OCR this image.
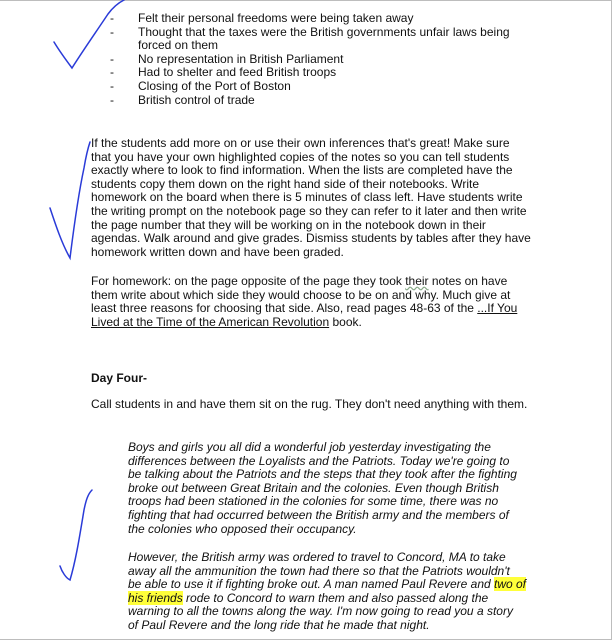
-	Felt their personal freedoms were being taken away
-	Thought that the taxes were the British governments unfair laws being forced on them
-	No representation in British Parliament
-	Had to shelter and feed British troops
-	Closing of the Port of Boston
-	British control of trade

If the students add more on or use their own inferences that's great! Make sure that you have your own highlighted copies of the notes so you can tell students exactly where to look to find information. When the lists are completed have the students copy them down on the right hand side of their notebooks. Write homework on the board when there is 5 minutes of class left. Have students write the writing prompt on the notebook page so they can refer to it later and then write the page number that they will be working on in the notebook down in their agendas. Walk around and give grades. Dismiss students by tables after they have homework written down and have been graded.

For homework: on the page opposite of the page they took their notes on have them write about which side they would choose to be on and why. Much give at least three reasons for choosing that side. Also, read pages 48-63 of the ...If You Lived at the Time of the American Revolution book.

Day Four-

Call students in and have them sit on the rug. They don't need anything with them.

Boys and girls you all did a wonderful job yesterday investigating the differences between the Loyalists and the Patriots. Today we're going to be talking about the Patriots and the steps that they took after the fighting broke out between Great Britain and the colonies. Even though British troops had been stationed in the colonies for some time, there was no fighting that had occurred between the British army and the members of the colonies who opposed their occupancy.

However, the British army was ordered to travel to Concord, MA to take away all the ammunition the town had there so that the Patriots wouldn't be able to use it if fighting broke out. A man named Paul Revere and two of his friends rode to Concord to warn them and also passed along the warning to all the towns along the way. I'm now going to read you a story of Paul Revere and the long ride that he made that night.
